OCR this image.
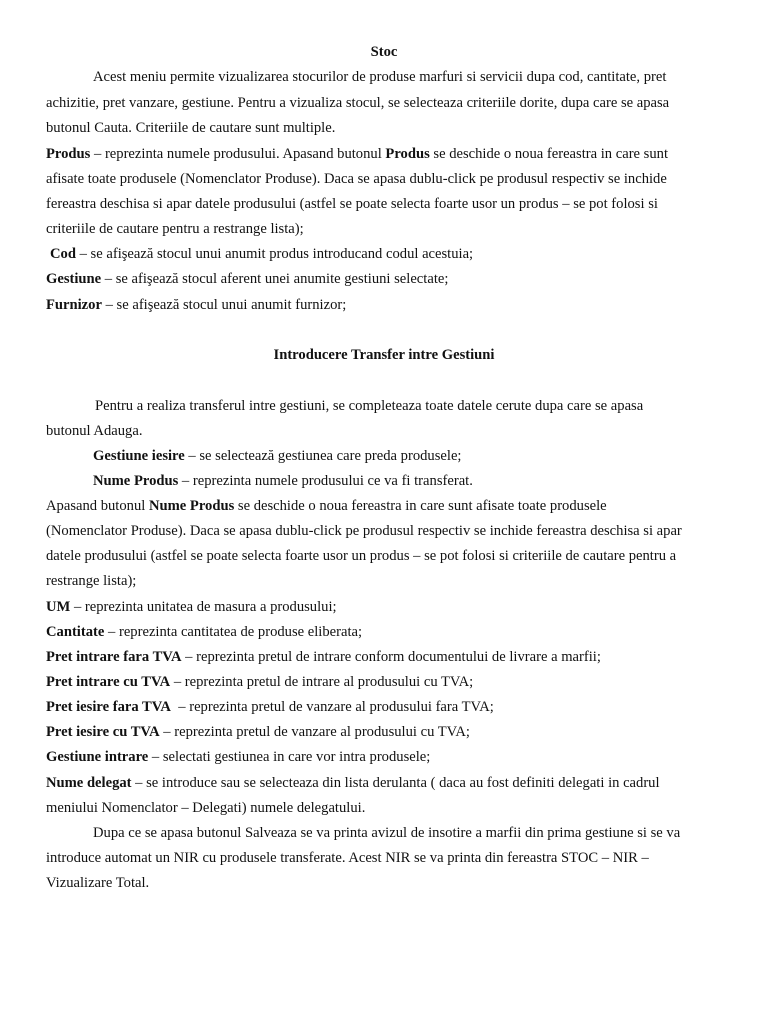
Stoc
Acest meniu permite vizualizarea stocurilor de produse marfuri si servicii dupa cod, cantitate, pret
achizitie, pret vanzare, gestiune. Pentru a vizualiza stocul, se selecteaza criteriile dorite, dupa care se apasa
butonul Cauta. Criteriile de cautare sunt multiple.
Produs – reprezinta numele produsului. Apasand butonul Produs se deschide o noua fereastra in care sunt
afisate toate produsele (Nomenclator Produse). Daca se apasa dublu-click pe produsul respectiv se inchide
fereastra deschisa si apar datele produsului (astfel se poate selecta foarte usor un produs – se pot folosi si
criteriile de cautare pentru a restrange lista);
Cod – se afişează stocul unui anumit produs introducand codul acestuia;
Gestiune – se afişează stocul aferent unei anumite gestiuni selectate;
Furnizor – se afişează stocul unui anumit furnizor;
Introducere Transfer intre Gestiuni
Pentru a realiza transferul intre gestiuni, se completeaza toate datele cerute dupa care se apasa
butonul Adauga.
Gestiune iesire – se selectează gestiunea care preda produsele;
Nume Produs – reprezinta numele produsului ce va fi transferat.
Apasand butonul Nume Produs se deschide o noua fereastra in care sunt afisate toate produsele
(Nomenclator Produse). Daca se apasa dublu-click pe produsul respectiv se inchide fereastra deschisa si apar
datele produsului (astfel se poate selecta foarte usor un produs – se pot folosi si criteriile de cautare pentru a
restrange lista);
UM – reprezinta unitatea de masura a produsului;
Cantitate – reprezinta cantitatea de produse eliberata;
Pret intrare fara TVA – reprezinta pretul de intrare conform documentului de livrare a marfii;
Pret intrare cu TVA – reprezinta pretul de intrare al produsului cu TVA;
Pret iesire fara TVA  – reprezinta pretul de vanzare al produsului fara TVA;
Pret iesire cu TVA – reprezinta pretul de vanzare al produsului cu TVA;
Gestiune intrare – selectati gestiunea in care vor intra produsele;
Nume delegat – se introduce sau se selecteaza din lista derulanta ( daca au fost definiti delegati in cadrul
meniului Nomenclator – Delegati) numele delegatului.
Dupa ce se apasa butonul Salveaza se va printa avizul de insotire a marfii din prima gestiune si se va
introduce automat un NIR cu produsele transferate. Acest NIR se va printa din fereastra STOC – NIR –
Vizualizare Total.
